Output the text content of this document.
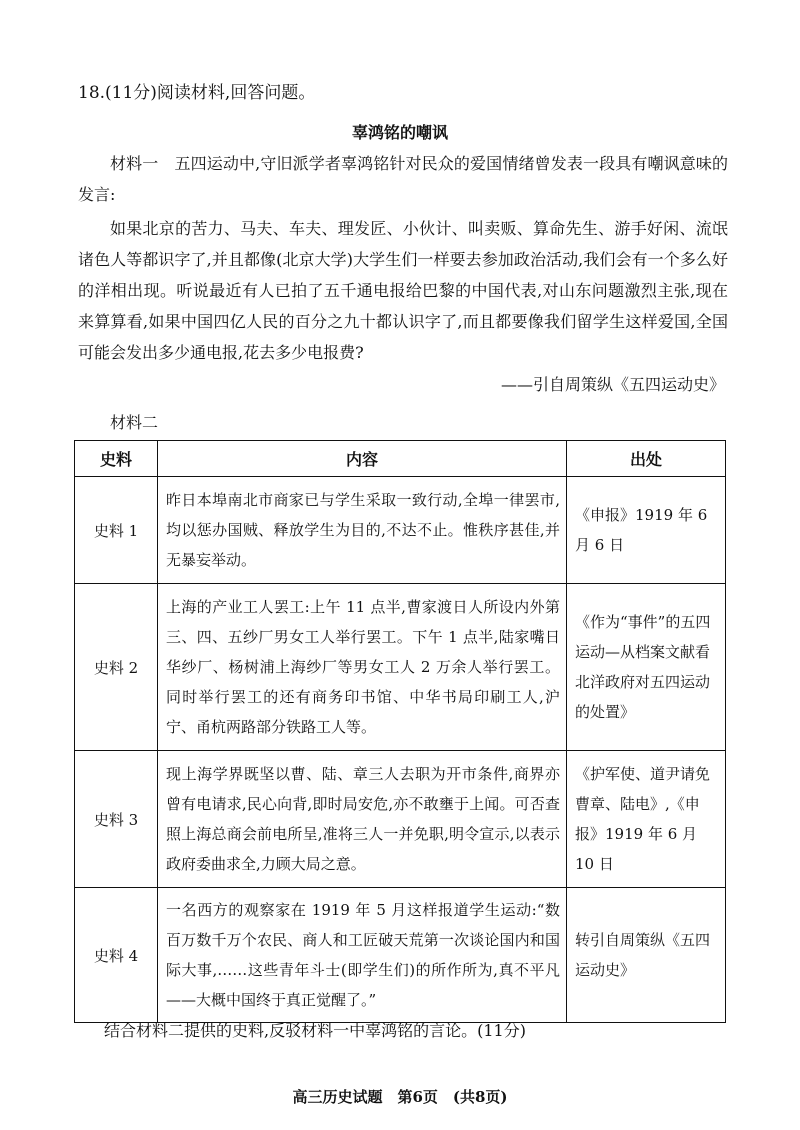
18.(11分)阅读材料,回答问题。
辜鸿铭的嘲讽
材料一　五四运动中,守旧派学者辜鸿铭针对民众的爱国情绪曾发表一段具有嘲讽意味的发言:
如果北京的苦力、马夫、车夫、理发匠、小伙计、叫卖贩、算命先生、游手好闲、流氓诸色人等都识字了,并且都像(北京大学)大学生们一样要去参加政治活动,我们会有一个多么好的洋相出现。听说最近有人已拍了五千通电报给巴黎的中国代表,对山东问题激烈主张,现在来算算看,如果中国四亿人民的百分之九十都认识字了,而且都要像我们留学生这样爱国,全国可能会发出多少通电报,花去多少电报费?
——引自周策纵《五四运动史》
材料二
史料	内容	出处
史料 1	昨日本埠南北市商家已与学生采取一致行动,全埠一律罢市,均以惩办国贼、释放学生为目的,不达不止。惟秩序甚佳,并无暴妄举动。	《申报》1919 年 6 月 6 日
史料 2	上海的产业工人罢工:上午 11 点半,曹家渡日人所设内外第三、四、五纱厂男女工人举行罢工。下午 1 点半,陆家嘴日华纱厂、杨树浦上海纱厂等男女工人 2 万余人举行罢工。同时举行罢工的还有商务印书馆、中华书局印刷工人,沪宁、甬杭两路部分铁路工人等。	《作为“事件”的五四运动—从档案文献看北洋政府对五四运动的处置》
史料 3	现上海学界既坚以曹、陆、章三人去职为开市条件,商界亦曾有电请求,民心向背,即时局安危,亦不敢壅于上闻。可否查照上海总商会前电所呈,准将三人一并免职,明令宣示,以表示政府委曲求全,力顾大局之意。	《护军使、道尹请免曹章、陆电》,《申报》1919 年 6 月 10 日
史料 4	一名西方的观察家在 1919 年 5 月这样报道学生运动:“数百万数千万个农民、商人和工匠破天荒第一次谈论国内和国际大事,……这些青年斗士(即学生们)的所作所为,真不平凡——大概中国终于真正觉醒了。”	转引自周策纵《五四运动史》
结合材料二提供的史料,反驳材料一中辜鸿铭的言论。(11分)
高三历史试题　第6页　(共8页)
